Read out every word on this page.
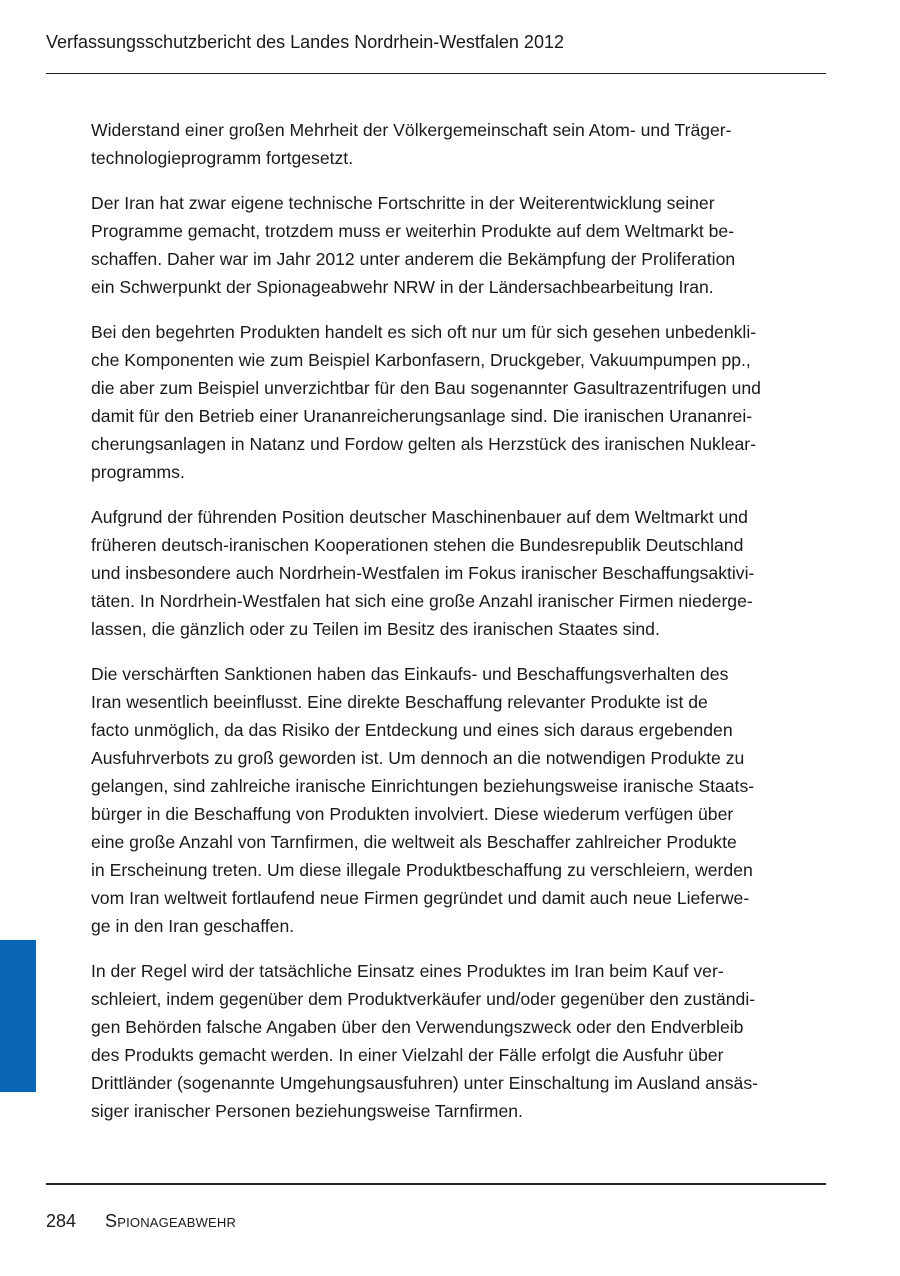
Verfassungsschutzbericht des Landes Nordrhein-Westfalen 2012
Widerstand einer großen Mehrheit der Völkergemeinschaft sein Atom- und Träger-
technologieprogramm fortgesetzt.
Der Iran hat zwar eigene technische Fortschritte in der Weiterentwicklung seiner
Programme gemacht, trotzdem muss er weiterhin Produkte auf dem Weltmarkt be-
schaffen. Daher war im Jahr 2012 unter anderem die Bekämpfung der Proliferation
ein Schwerpunkt der Spionageabwehr NRW in der Ländersachbearbeitung Iran.
Bei den begehrten Produkten handelt es sich oft nur um für sich gesehen unbedenkli-
che Komponenten wie zum Beispiel Karbonfasern, Druckgeber, Vakuumpumpen pp.,
die aber zum Beispiel unverzichtbar für den Bau sogenannter Gasultrazentrifugen und
damit für den Betrieb einer Urananreicherungsanlage sind. Die iranischen Urananrei-
cherungsanlagen in Natanz und Fordow gelten als Herzstück des iranischen Nuklear-
programms.
Aufgrund der führenden Position deutscher Maschinenbauer auf dem Weltmarkt und
früheren deutsch-iranischen Kooperationen stehen die Bundesrepublik Deutschland
und insbesondere auch Nordrhein-Westfalen im Fokus iranischer Beschaffungsaktivi-
täten. In Nordrhein-Westfalen hat sich eine große Anzahl iranischer Firmen niederge-
lassen, die gänzlich oder zu Teilen im Besitz des iranischen Staates sind.
Die verschärften Sanktionen haben das Einkaufs- und Beschaffungsverhalten des
Iran wesentlich beeinflusst. Eine direkte Beschaffung relevanter Produkte ist de
facto unmöglich, da das Risiko der Entdeckung und eines sich daraus ergebenden
Ausfuhrverbots zu groß geworden ist. Um dennoch an die notwendigen Produkte zu
gelangen, sind zahlreiche iranische Einrichtungen beziehungsweise iranische Staats-
bürger in die Beschaffung von Produkten involviert. Diese wiederum verfügen über
eine große Anzahl von Tarnfirmen, die weltweit als Beschaffer zahlreicher Produkte
in Erscheinung treten. Um diese illegale Produktbeschaffung zu verschleiern, werden
vom Iran weltweit fortlaufend neue Firmen gegründet und damit auch neue Lieferwe-
ge in den Iran geschaffen.
In der Regel wird der tatsächliche Einsatz eines Produktes im Iran beim Kauf ver-
schleiert, indem gegenüber dem Produktverkäufer und/oder gegenüber den zuständi-
gen Behörden falsche Angaben über den Verwendungszweck oder den Endverbleib
des Produkts gemacht werden. In einer Vielzahl der Fälle erfolgt die Ausfuhr über
Drittländer (sogenannte Umgehungsausfuhren) unter Einschaltung im Ausland ansäs-
siger iranischer Personen beziehungsweise Tarnfirmen.
284 Spionageabwehr
